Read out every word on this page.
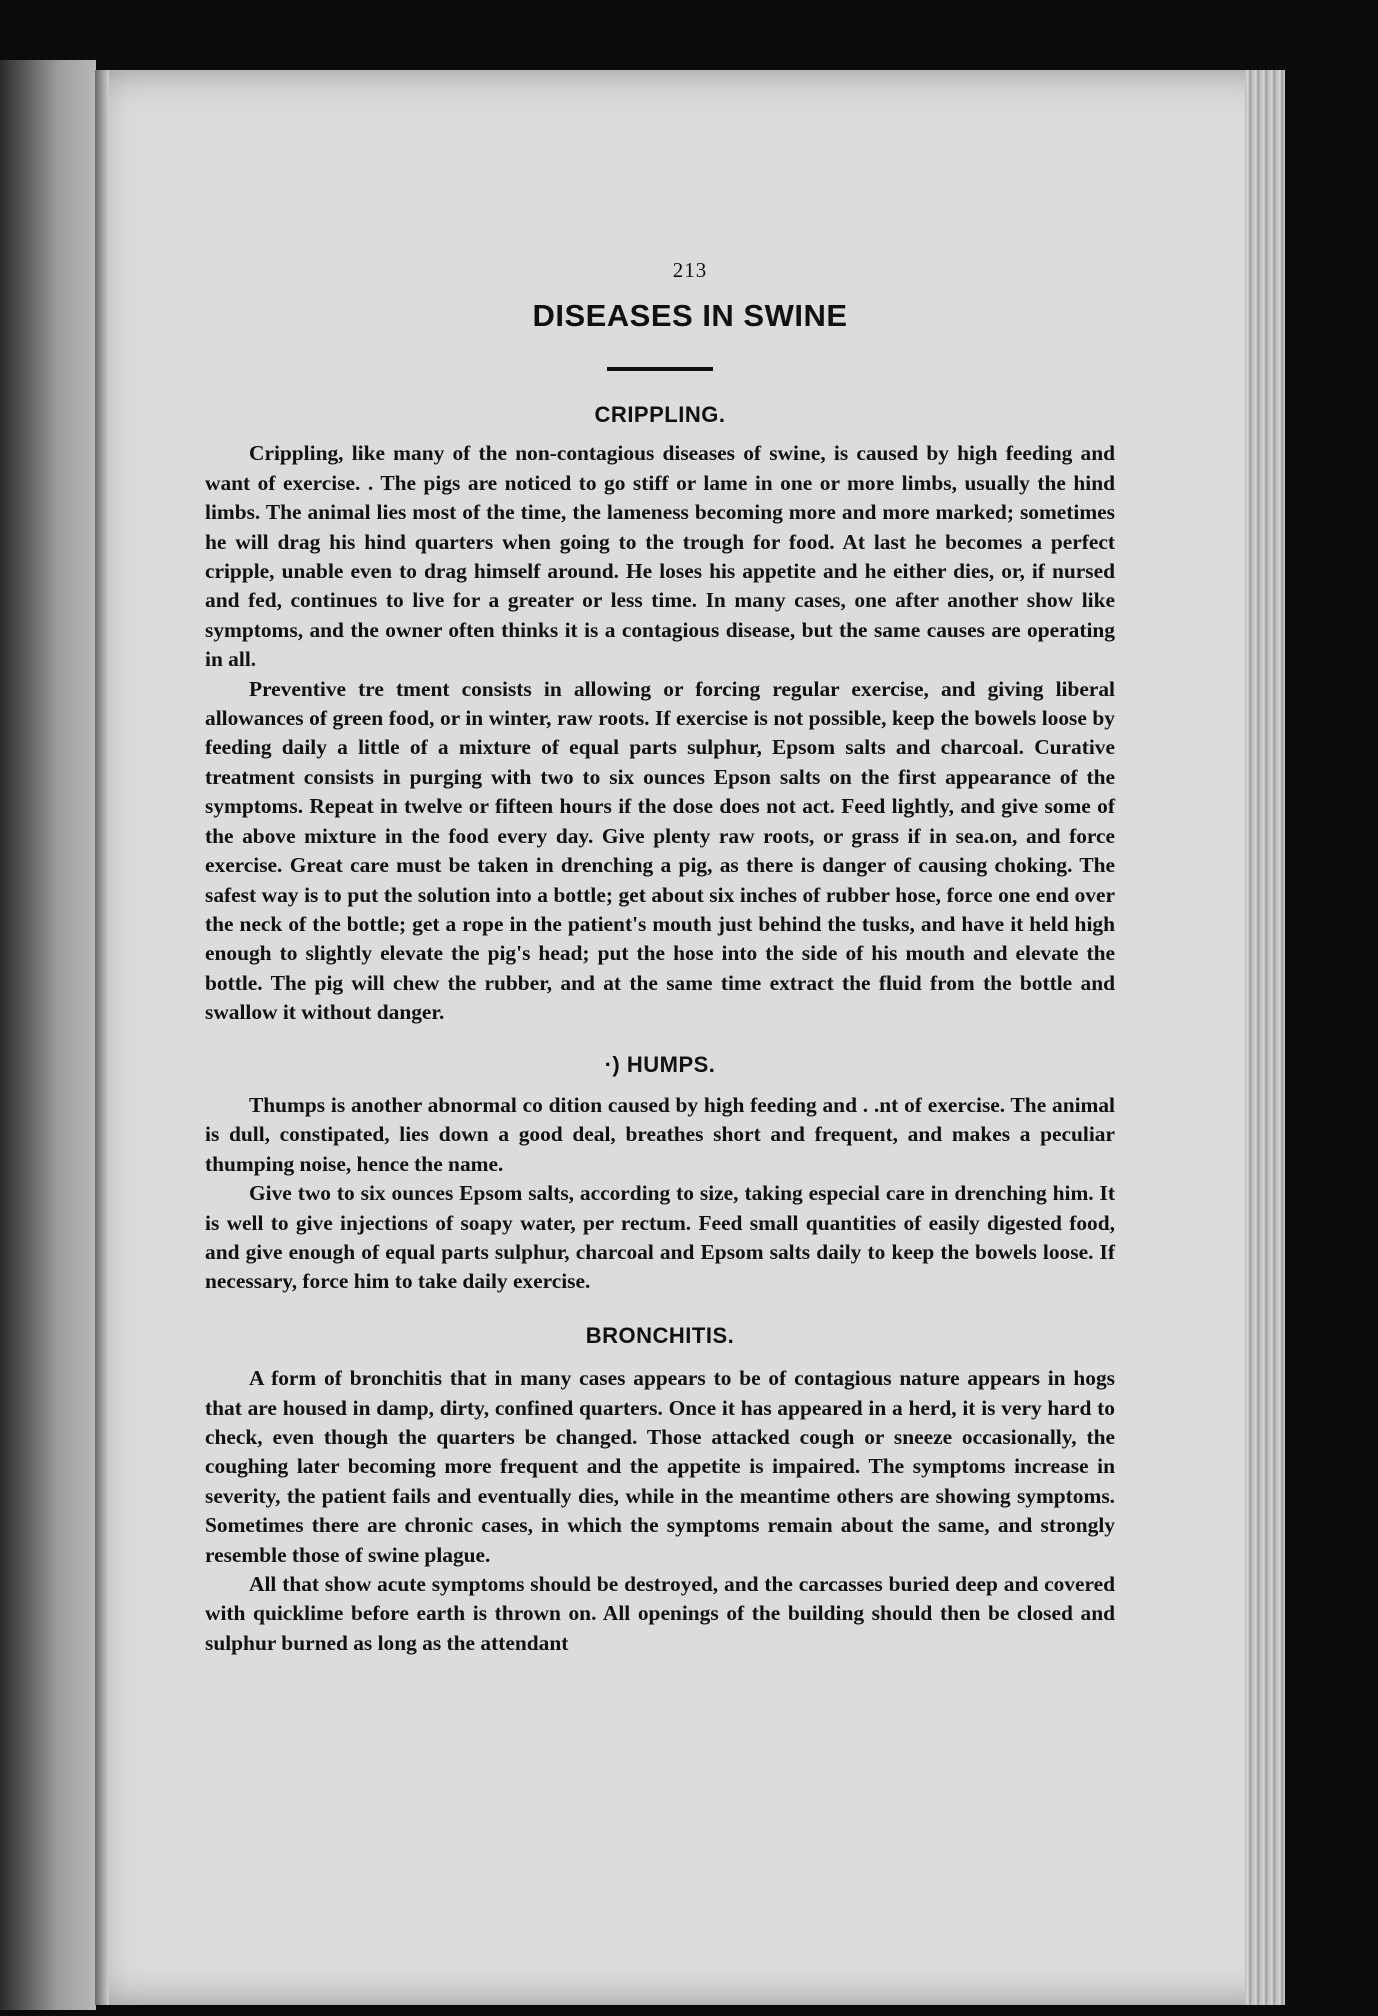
213
DISEASES IN SWINE
CRIPPLING.

Crippling, like many of the non-contagious diseases of swine, is caused by high feeding and want of exercise. . The pigs are noticed to go stiff or lame in one or more limbs, usually the hind limbs. The animal lies most of the time, the lameness becoming more and more marked; sometimes he will drag his hind quarters when going to the trough for food. At last he becomes a perfect cripple, unable even to drag himself around. He loses his appetite and he either dies, or, if nursed and fed, continues to live for a greater or less time. In many cases, one after another show like symptoms, and the owner often thinks it is a contagious disease, but the same causes are operating in all.

Preventive tre tment consists in allowing or forcing regular exercise, and giving liberal allowances of green food, or in winter, raw roots. If exercise is not possible, keep the bowels loose by feeding daily a little of a mixture of equal parts sulphur, Epsom salts and charcoal. Curative treatment consists in purging with two to six ounces Epson salts on the first appearance of the symptoms. Repeat in twelve or fifteen hours if the dose does not act. Feed lightly, and give some of the above mixture in the food every day. Give plenty raw roots, or grass if in sea.on, and force exercise. Great care must be taken in drenching a pig, as there is danger of causing choking. The safest way is to put the solution into a bottle; get about six inches of rubber hose, force one end over the neck of the bottle; get a rope in the patient's mouth just behind the tusks, and have it held high enough to slightly elevate the pig's head; put the hose into the side of his mouth and elevate the bottle. The pig will chew the rubber, and at the same time extract the fluid from the bottle and swallow it without danger.

·) HUMPS.

Thumps is another abnormal co dition caused by high feeding and . .nt of exercise. The animal is dull, constipated, lies down a good deal, breathes short and frequent, and makes a peculiar thumping noise, hence the name.

Give two to six ounces Epsom salts, according to size, taking especial care in drenching him. It is well to give injections of soapy water, per rectum. Feed small quantities of easily digested food, and give enough of equal parts sulphur, charcoal and Epsom salts daily to keep the bowels loose. If necessary, force him to take daily exercise.

BRONCHITIS.

A form of bronchitis that in many cases appears to be of contagious nature appears in hogs that are housed in damp, dirty, confined quarters. Once it has appeared in a herd, it is very hard to check, even though the quarters be changed. Those attacked cough or sneeze occasionally, the coughing later becoming more frequent and the appetite is impaired. The symptoms increase in severity, the patient fails and eventually dies, while in the meantime others are showing symptoms. Sometimes there are chronic cases, in which the symptoms remain about the same, and strongly resemble those of swine plague.

All that show acute symptoms should be destroyed, and the carcasses buried deep and covered with quicklime before earth is thrown on. All openings of the building should then be closed and sulphur burned as long as the attendant
